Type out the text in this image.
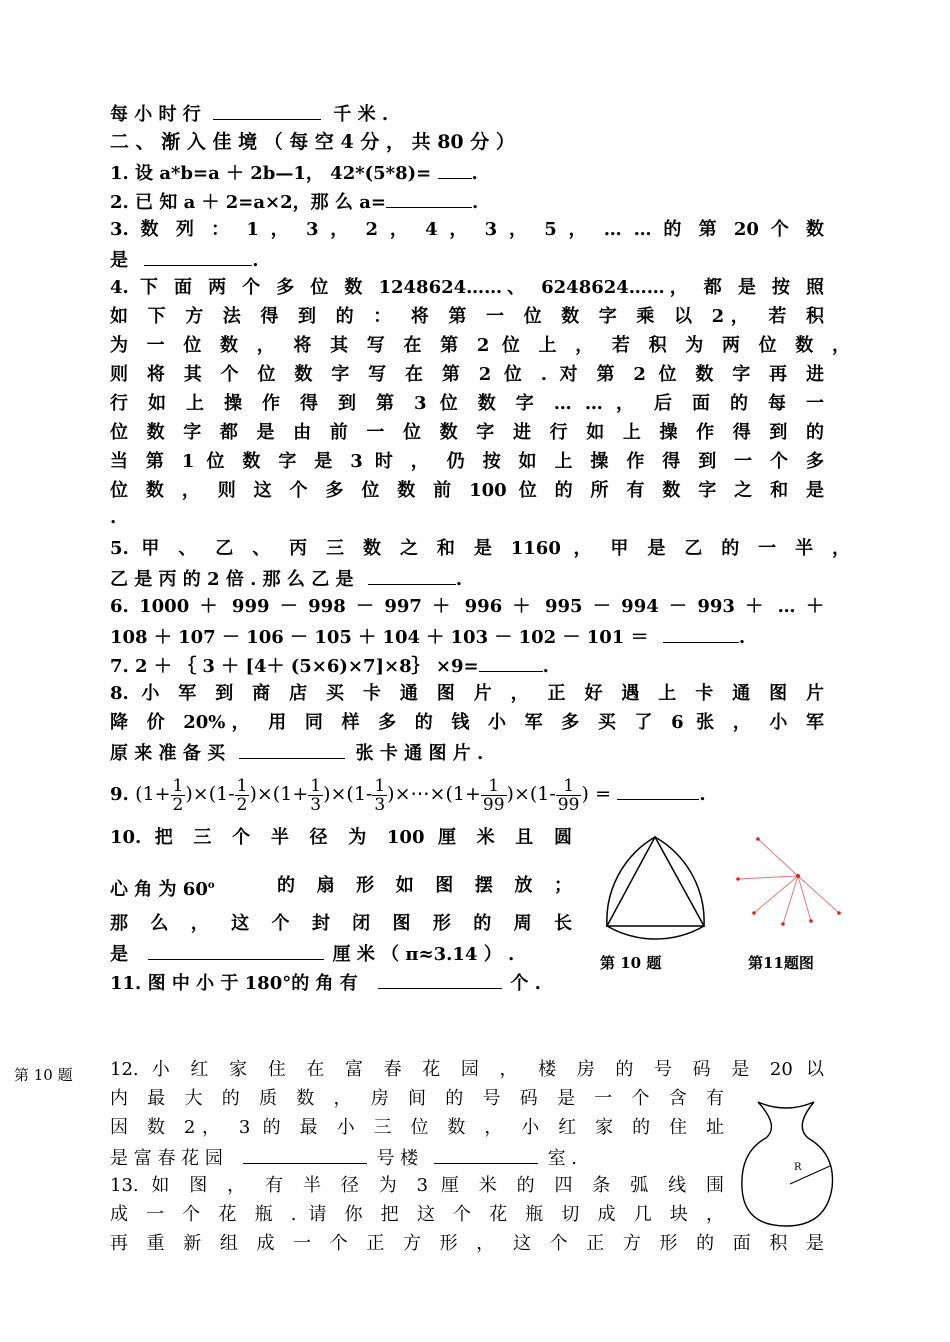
每 小 时 行	千 米 .
二 、 渐 入 佳 境 （ 每 空 4 分 ， 共 80 分 ）
1. 设 a*b=a ＋ 2b—1， 42*(5*8)= .
2. 已 知 a ＋ 2=a×2，那 么 a=	.
3. 数 列 ： 1 ， 3 ， 2 ， 4 ， 3 ， 5 ， … … 的 第 20 个 数
是	.
4. 下 面 两 个 多 位 数 1248624……、 6248624……， 都 是 按 照
如 下 方 法 得 到 的 ： 将 第 一 位 数 字 乘 以 2， 若 积
为 一 位 数 ， 将 其 写 在 第 2 位 上 ， 若 积 为 两 位 数 ，
则 将 其 个 位 数 字 写 在 第 2 位 . 对 第 2 位 数 字 再 进
行 如 上 操 作 得 到 第 3 位 数 字 … … ， 后 面 的 每 一
位 数 字 都 是 由 前 一 位 数 字 进 行 如 上 操 作 得 到 的
当 第 1 位 数 字 是 3 时 ， 仍 按 如 上 操 作 得 到 一 个 多
位 数 ， 则 这 个 多 位 数 前 100 位 的 所 有 数 字 之 和 是
.
5. 甲 、 乙 、 丙 三 数 之 和 是 1160 ， 甲 是 乙 的 一 半 ，
乙 是 丙 的 2 倍 . 那 么 乙 是	.
6. 1000 ＋ 999 － 998 － 997 ＋ 996 ＋ 995 － 994 － 993 ＋ … ＋
108 ＋ 107 － 106 － 105 ＋ 104 ＋ 103 － 102 － 101 ＝	.
7. 2 ＋ ｛ 3 ＋ [4＋ (5×6)×7]×8｝ ×9=	.
8. 小 军 到 商 店 买 卡 通 图 片 ， 正 好 遇 上 卡 通 图 片
降 价 20%， 用 同 样 多 的 钱 小 军 多 买 了 6 张 ， 小 军
原 来 准 备 买	张 卡 通 图 片 .
9. $(1+ \frac{1}{2} )\times(1- \frac{1}{2} )\times(1+ \frac{1}{3} )\times(1- \frac{1}{3}$ )×⋯×(1+ $\frac{1}{99} )\times(1- \frac{1}{99}$ ) =	.
10. 把 三 个 半 径 为 100 厘 米 且 圆
心 角 为 60$^o$	的 扇 形 如 图 摆 放 ；
那 么 ， 这 个 封 闭 图 形 的 周 长
是	厘 米 （ π≈3.14 ） .
11. 图 中 小 于 180°的 角 有	个 .
第 10 题	第11题图
第 10 题 12. 小 红 家 住 在 富 春 花 园 ， 楼 房 的 号 码 是 20 以
内 最 大 的 质 数 ， 房 间 的 号 码 是 一 个 含 有
因 数 2， 3 的 最 小 三 位 数 ， 小 红 家 的 住 址
是 富 春 花 园	号 楼	室 .
13. 如 图 ， 有 半 径 为 3 厘 米 的 四 条 弧 线 围
成 一 个 花 瓶 . 请 你 把 这 个 花 瓶 切 成 几 块 ，
再 重 新 组 成 一 个 正 方 形 ， 这 个 正 方 形 的 面 积 是
R
